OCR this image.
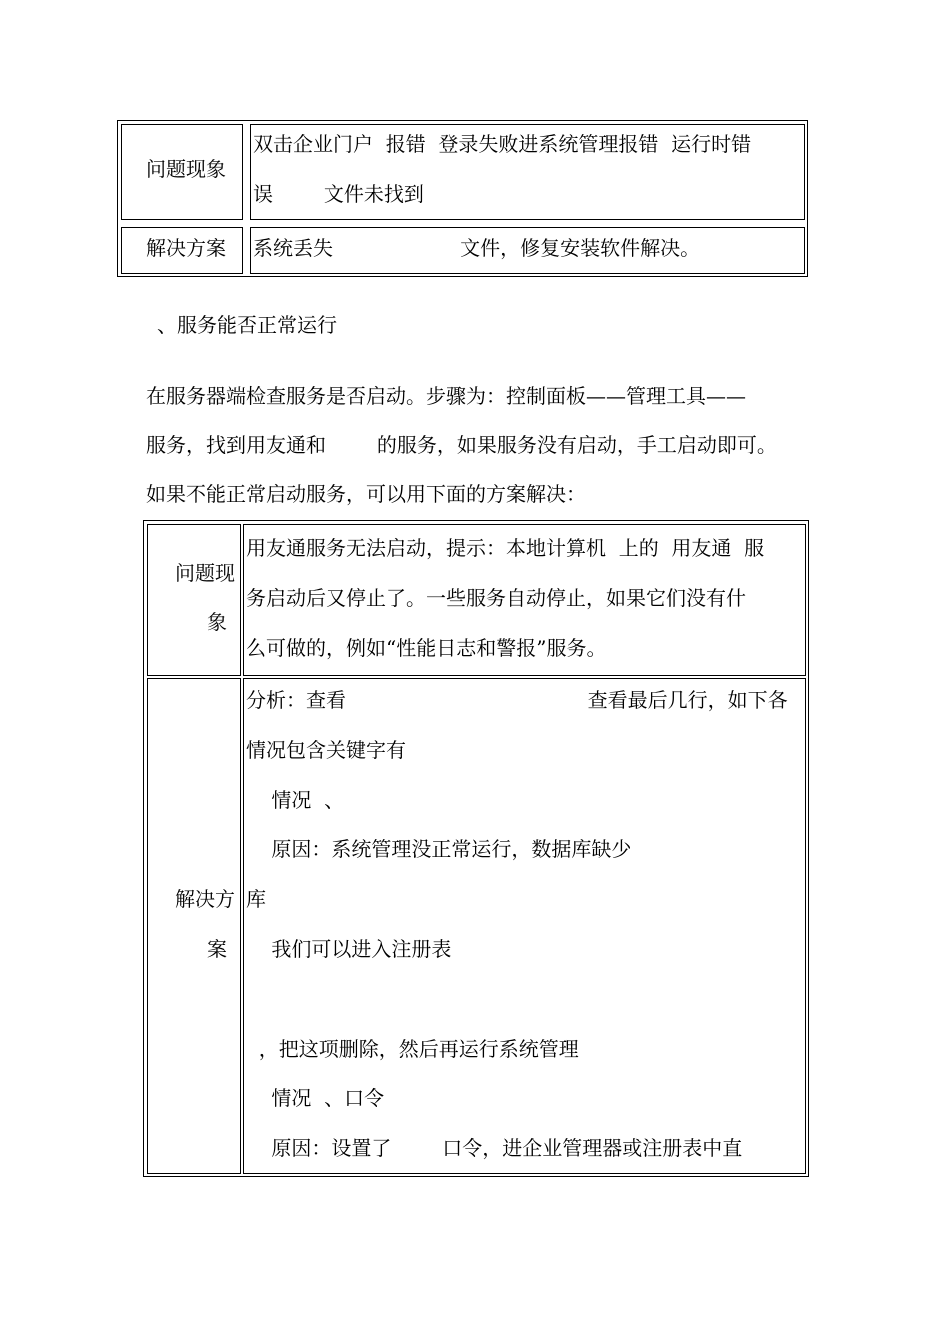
问题现象
双击企业门户  报错  登录失败进系统管理报错  运行时错
误        文件未找到
解决方案 系统丢失                    文件，修复安装软件解决。
、服务能否正常运行
在服务器端检查服务是否启动。步骤为：控制面板——管理工具——
服务，找到用友通和        的服务，如果服务没有启动，手工启动即可。
如果不能正常启动服务，可以用下面的方案解决：
问题现
象
用友通服务无法启动，提示：本地计算机  上的  用友通  服
务启动后又停止了。一些服务自动停止，如果它们没有什
么可做的，例如“性能日志和警报”服务。
解决方
案
分析：查看                                      查看最后几行，如下各
情况包含关键字有
情况  、
原因：系统管理没正常运行，数据库缺少
库
我们可以进入注册表
，把这项删除，然后再运行系统管理
情况  、口令
原因：设置了        口令，进企业管理器或注册表中直
